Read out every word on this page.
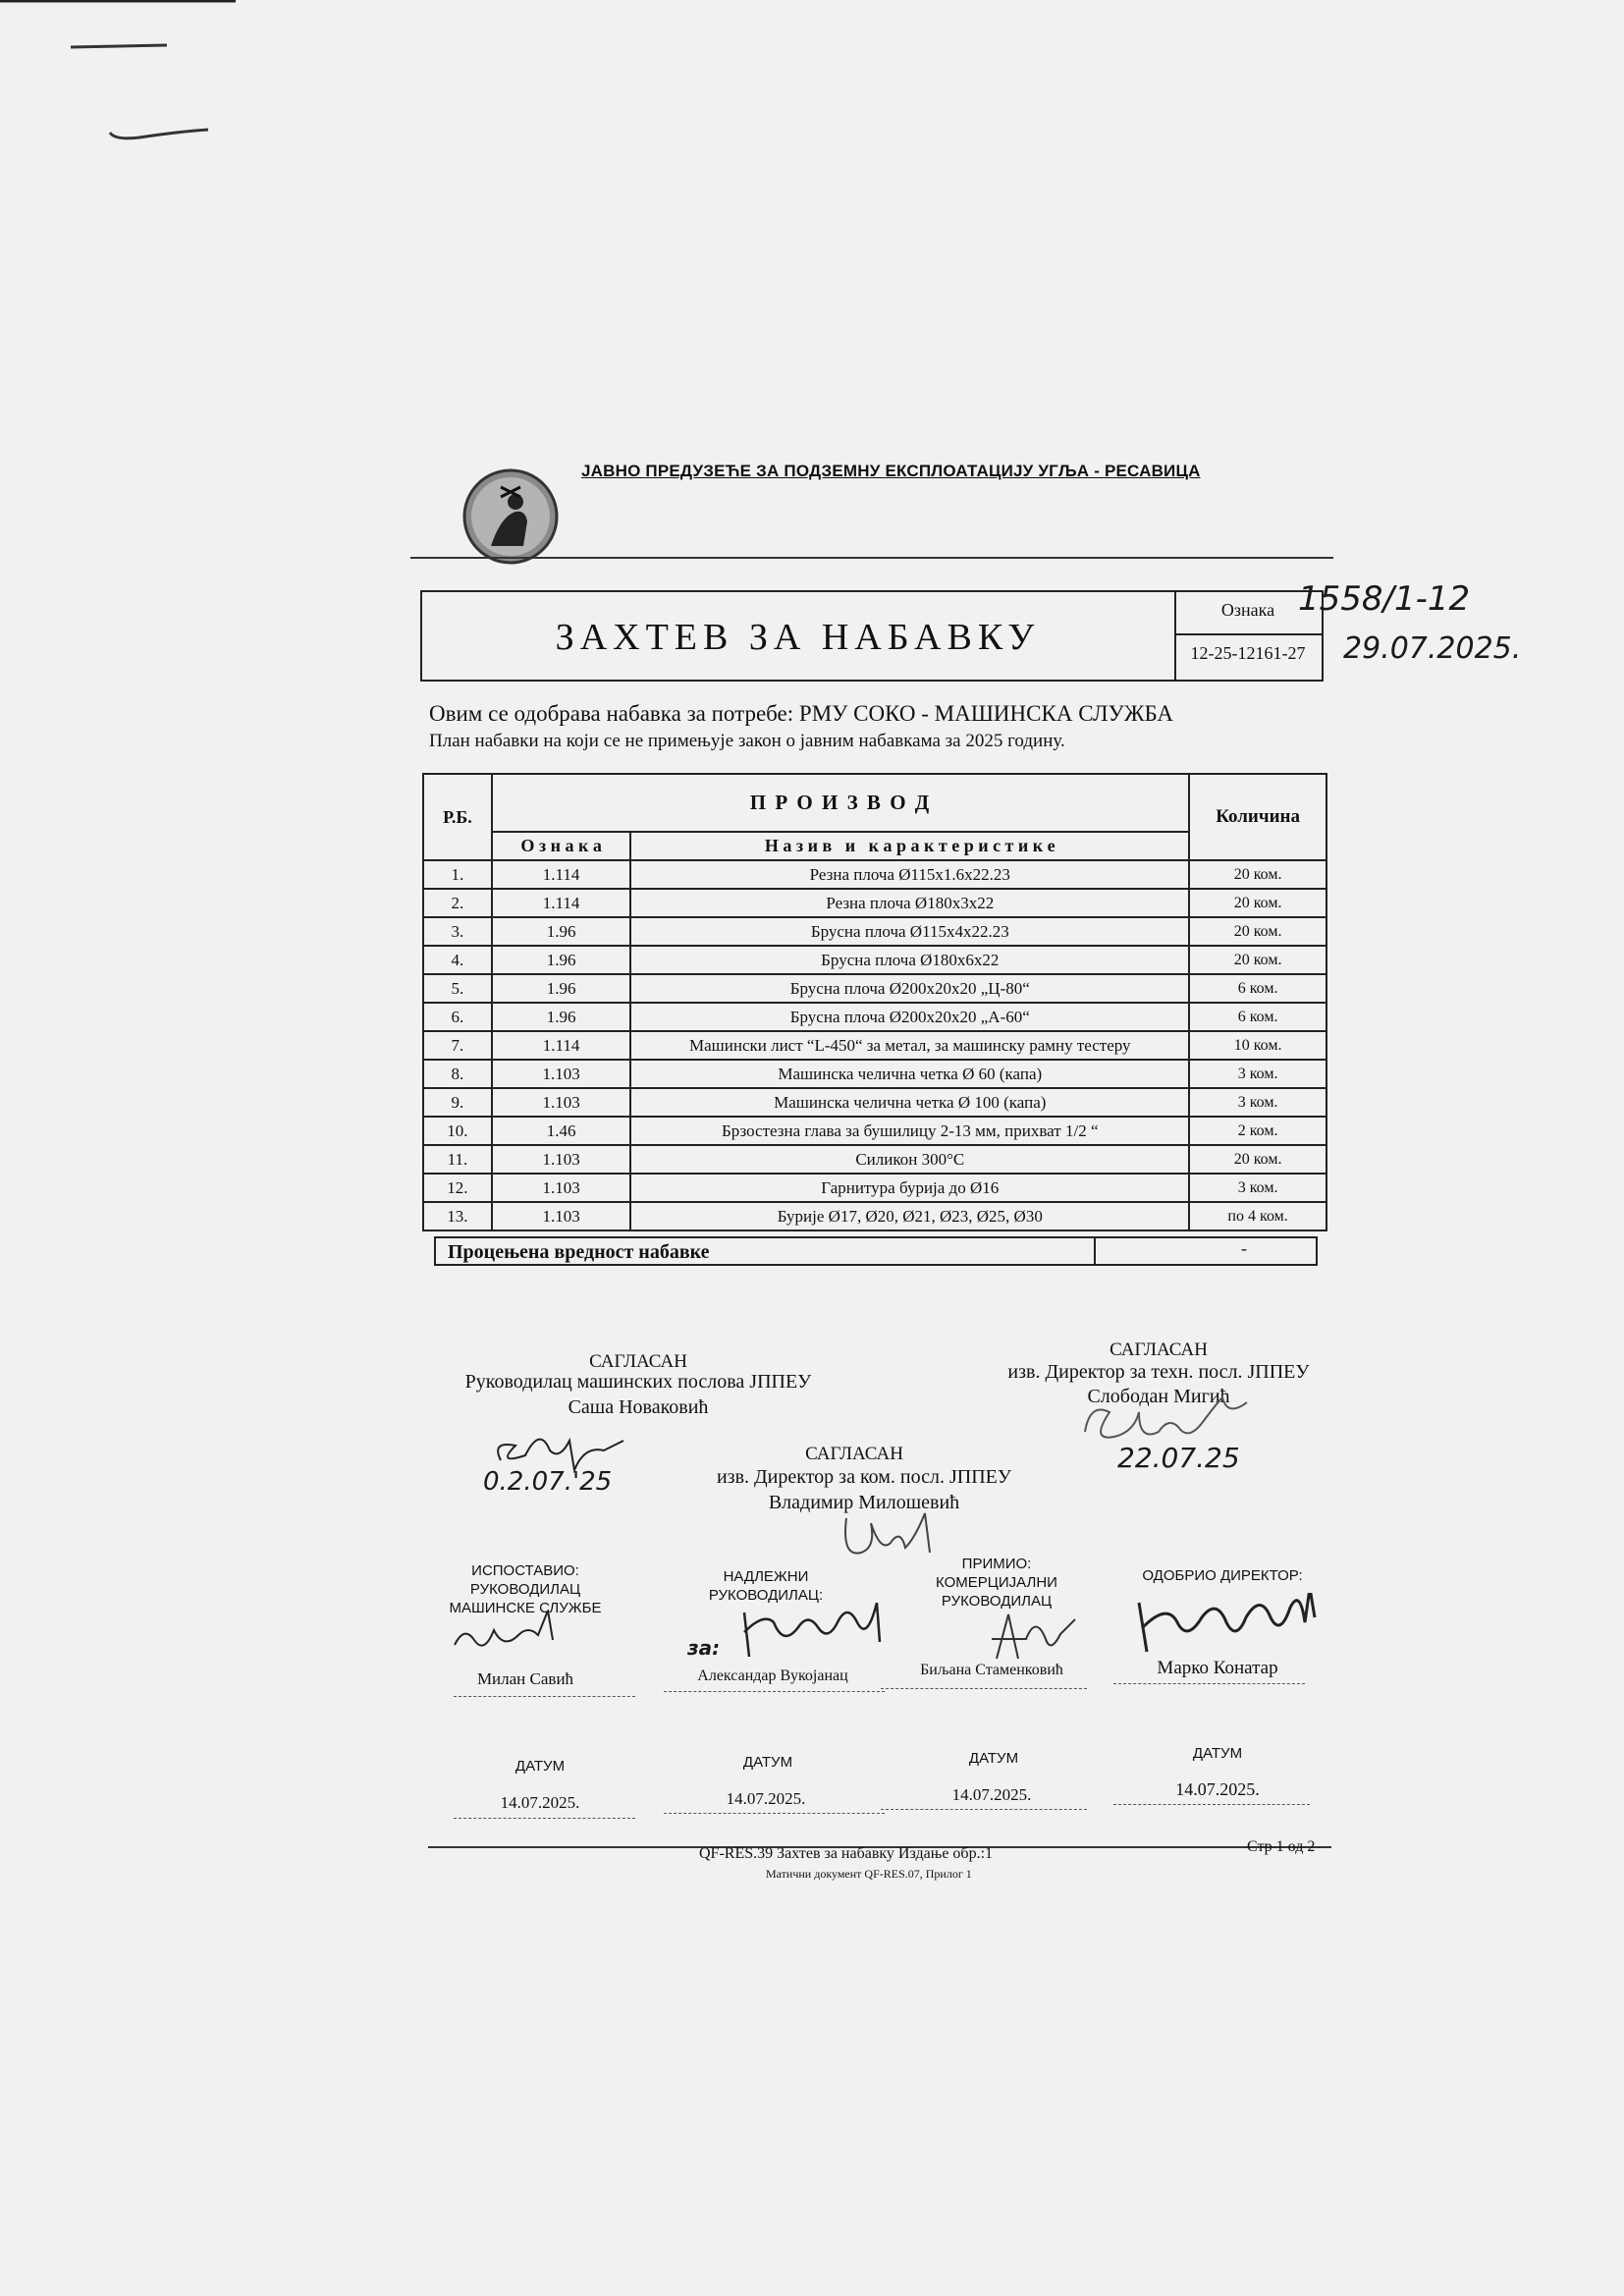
ЈАВНО ПРЕДУЗЕЋЕ ЗА ПОДЗЕМНУ ЕКСПЛОАТАЦИЈУ УГЉА - РЕСАВИЦА
ЗАХТЕВ ЗА НАБАВКУ
Ознака
12-25-12161-27
1558/1-12
29.07.2025.
Овим се одобрава набавка за потребе: РМУ СОКО - МАШИНСКА СЛУЖБА
План набавки на који се не примењује закон о јавним набавкама за 2025 годину.
Р.Б.	П Р О И З В О Д		Количина
	О з н а к а	Н а з и в   и   к а р а к т е р и с т и к е	
1.	1.114	Резна плоча Ø115x1.6x22.23	20 ком.
2.	1.114	Резна плоча Ø180x3x22	20 ком.
3.	1.96	Брусна плоча Ø115x4x22.23	20 ком.
4.	1.96	Брусна плоча Ø180x6x22	20 ком.
5.	1.96	Брусна плоча Ø200x20x20 „Ц-80“	6 ком.
6.	1.96	Брусна плоча Ø200x20x20 „А-60“	6 ком.
7.	1.114	Машински лист “L-450“ за метал, за машинску рамну тестеру	10 ком.
8.	1.103	Машинска челична четка Ø 60 (капа)	3 ком.
9.	1.103	Машинска челична четка Ø 100 (капа)	3 ком.
10.	1.46	Брзостезна глава за бушилицу 2-13 мм, прихват 1/2 “	2 ком.
11.	1.103	Силикон 300°C	20 ком.
12.	1.103	Гарнитура бурија до Ø16	3 ком.
13.	1.103	Бурије Ø17, Ø20, Ø21, Ø23, Ø25, Ø30	по 4 ком.
Процењена вредност набавке	-
САГЛАСАН
Руководилац машинских послова ЈППЕУ
Саша Новаковић
0.2.07.'25
САГЛАСАН
изв. Директор за техн. посл. ЈППЕУ
Слободан Мигић
22.07.25
САГЛАСАН
изв. Директор за ком. посл. ЈППЕУ
Владимир Милошевић
ИСПОСТАВИО:
РУКОВОДИЛАЦ
МАШИНСКЕ СЛУЖБЕ
Милан Савић
НАДЛЕЖНИ
РУКОВОДИЛАЦ:
за:
Александар Вукојанац
ПРИМИО:
КОМЕРЦИЈАЛНИ
РУКОВОДИЛАЦ
Биљана Стаменковић
ОДОБРИО ДИРЕКТОР:
Марко Конатар
ДАТУМ
14.07.2025.
ДАТУМ
14.07.2025.
ДАТУМ
14.07.2025.
ДАТУМ
14.07.2025.
QF-RES.39 Захтев за набавку Издање обр.:1	Стр 1 од 2
Матични документ QF-RES.07, Прилог 1
